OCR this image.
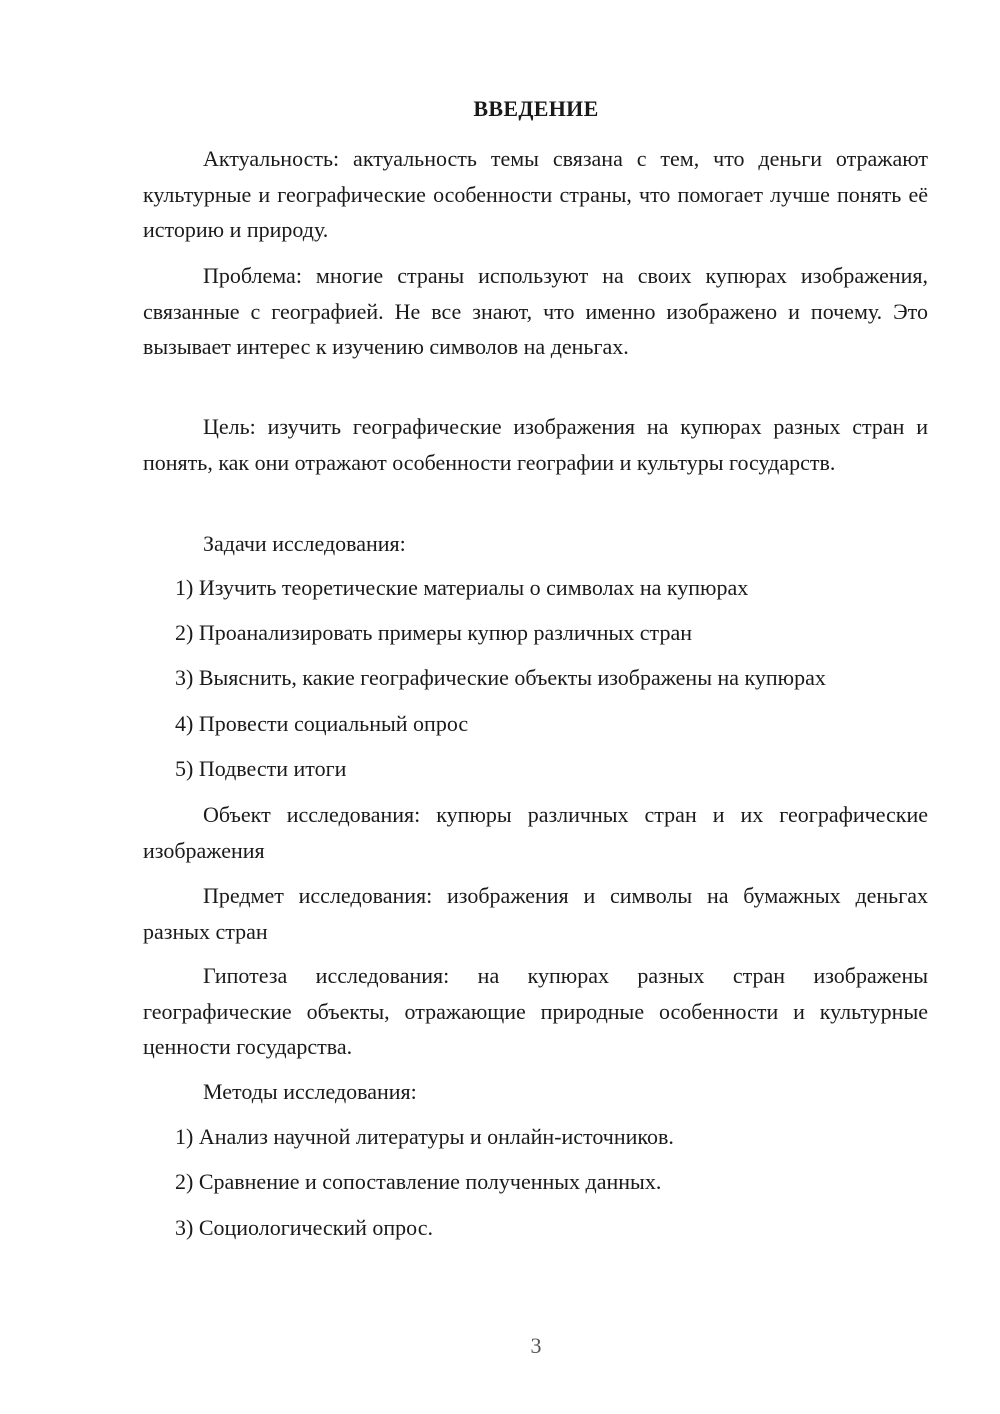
ВВЕДЕНИЕ

Актуальность: актуальность темы связана с тем, что деньги отражают культурные и географические особенности страны, что помогает лучше понять её историю и природу.

Проблема: многие страны используют на своих купюрах изображения, связанные с географией. Не все знают, что именно изображено и почему. Это вызывает интерес к изучению символов на деньгах.

Цель: изучить географические изображения на купюрах разных стран и понять, как они отражают особенности географии и культуры государств.

Задачи исследования:

1) Изучить теоретические материалы о символах на купюрах

2) Проанализировать примеры купюр различных стран

3) Выяснить, какие географические объекты изображены на купюрах

4) Провести социальный опрос

5) Подвести итоги

Объект исследования: купюры различных стран и их географические изображения

Предмет исследования: изображения и символы на бумажных деньгах разных стран

Гипотеза исследования: на купюрах разных стран изображены географические объекты, отражающие природные особенности и культурные ценности государства.

Методы исследования:

1) Анализ научной литературы и онлайн-источников.

2) Сравнение и сопоставление полученных данных.

3) Социологический опрос.

3
